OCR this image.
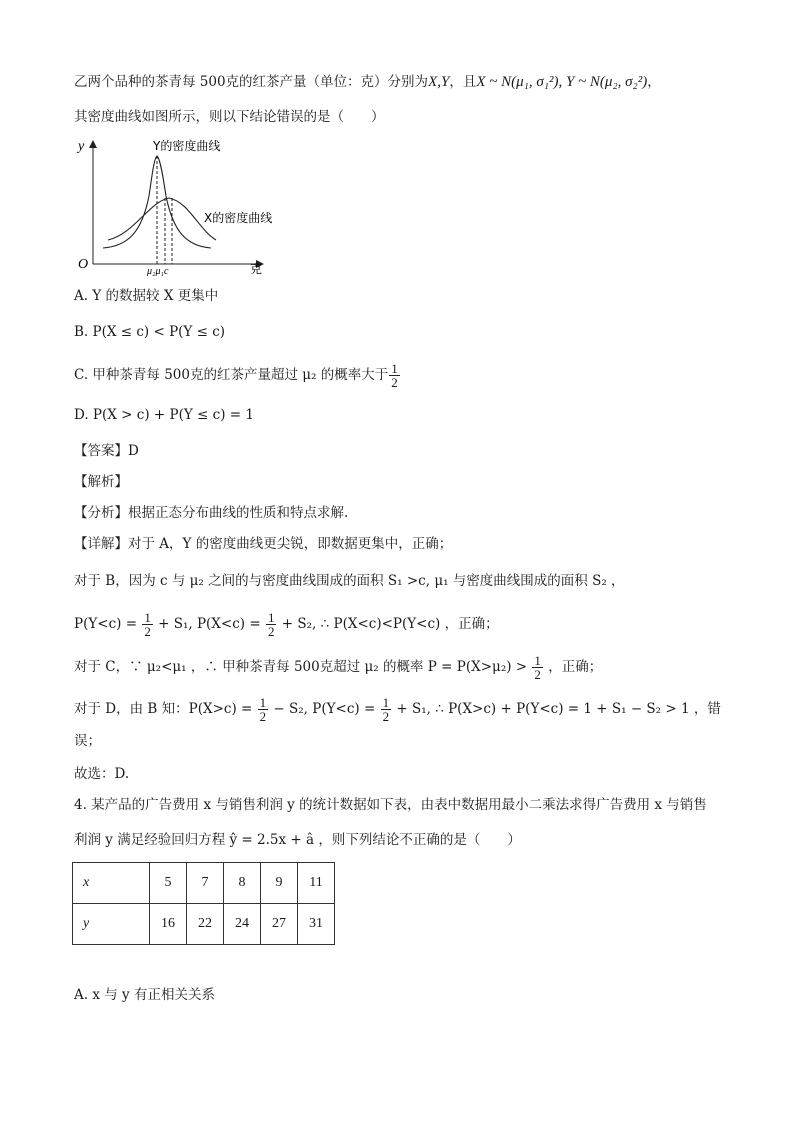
乙两个品种的茶青每 500克的红茶产量（单位：克）分别为X,Y，且X ~ N(μ₁, σ₁²), Y ~ N(μ₂, σ₂²)，
其密度曲线如图所示，则以下结论错误的是（　　）
y
O	克
Y的密度曲线
X的密度曲线
μ₂μ₁c
A. Y 的数据较 X 更集中
B. P(X ≤ c) < P(Y ≤ c)
C. 甲种茶青每 500克的红茶产量超过 μ₂ 的概率大于 $\frac{1}{2}$
D. P(X > c) + P(Y ≤ c) = 1
【答案】D
【解析】
【分析】根据正态分布曲线的性质和特点求解.
【详解】对于 A，Y 的密度曲线更尖锐，即数据更集中，正确；
对于 B，因为 c 与 μ₂ 之间的与密度曲线围成的面积 S₁ >c, μ₁ 与密度曲线围成的面积 S₂ ，
$P(Y<c) = \frac{1}{2} + S_1$, $P(X<c) = \frac{1}{2} + S_2$, ∴ P(X<c)<P(Y<c) ，正确；
对于 C，∵ μ₂<μ₁ ，∴ 甲种茶青每 500克超过 μ₂ 的概率 $P = P(X>\mu_2) > \frac{1}{2}$ ，正确；
对于 D，由 B 知：$P(X>c) = \frac{1}{2} - S_2$, $P(Y<c) = \frac{1}{2} + S_1$, ∴ P(X>c) + P(Y<c) = 1 + S₁ − S₂ > 1 ，错
误；
故选：D.
4. 某产品的广告费用 x 与销售利润 y 的统计数据如下表，由表中数据用最小二乘法求得广告费用 x 与销售
利润 y 满足经验回归方程 ŷ = 2.5x + â ，则下列结论不正确的是（　　）
x	5	7	8	9	11
y	16	22	24	27	31
A. x 与 y 有正相关关系
